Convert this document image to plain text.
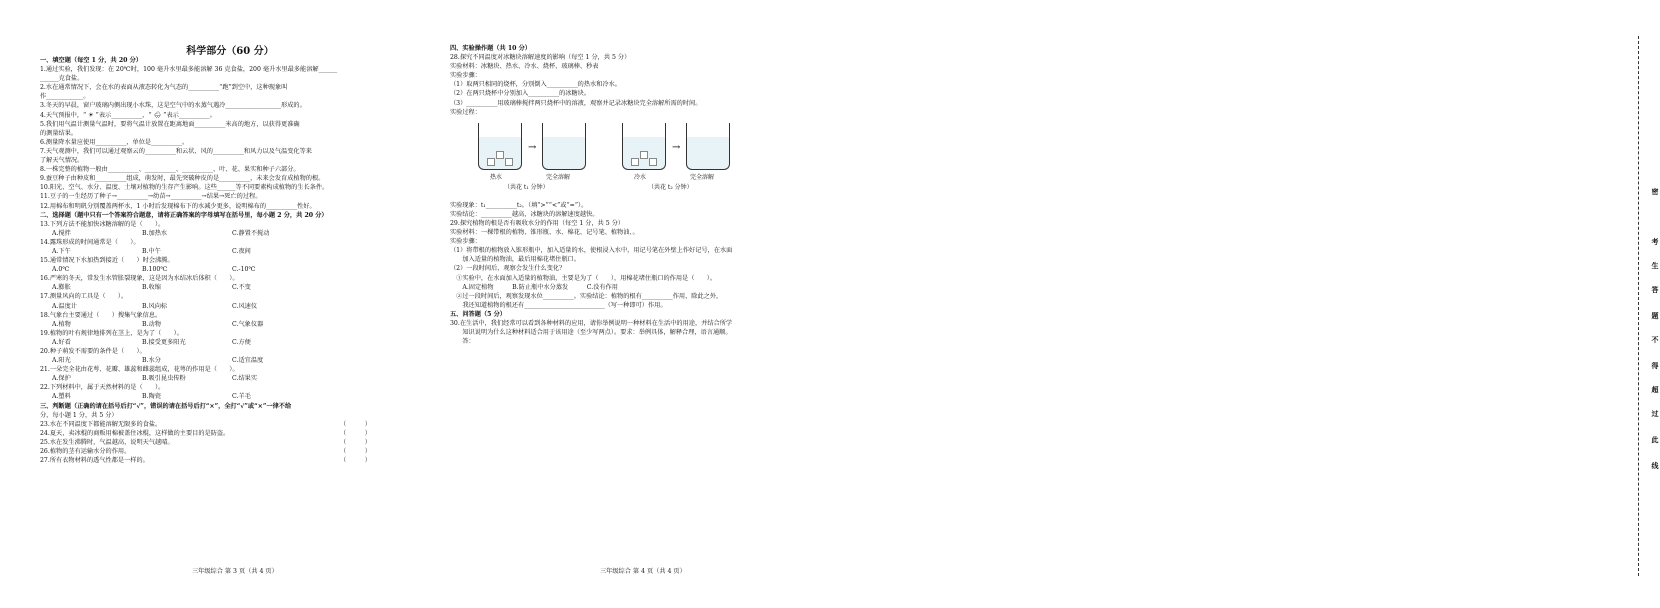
科学部分（60 分）
一、填空题（每空 1 分，共 20 分）
1.通过实验，我们发现：在 20℃时，100 毫升水里最多能溶解 36 克食盐，200 毫升水里最多能溶解______
______克食盐。
2.水在通常情况下，会在水的表面从液态转化为气态的__________“跑”到空中，这种现象叫
作____________。
3.冬天的早晨，窗户玻璃内侧出现小水珠，这是空气中的水蒸气遇冷__________________形成的。
4.天气预报中，“ ☀ ”表示__________，“ 🌧 ”表示__________。
5.我们用气温计测量气温时，要将气温计放置在距离地面__________米高的地方，以获得更准确
的测量结果。
6.测量降水量应使用__________，单位是__________。
7.天气观测中，我们可以通过观察云的__________和云状、风的__________和风力以及气温变化等来
了解天气情况。
8.一株完整的植物一般由__________、__________、__________、叶、花、果实和种子六部分。
9.蚕豆种子由种皮和__________组成，萌发时，最先突破种皮的是__________，未来会发育成植物的根。
10.阳光、空气、水分、温度、土壤对植物的生存产生影响。这些______等不同要素构成植物的生长条件。
11.豆子的一生经历了种子→__________→幼苗→__________→结果→死亡的过程。
12.用棉布和明矾分别覆盖两杯水，1 小时后发现棉布下的水减少更多，说明棉布的__________性好。
二、选择题（题中只有一个答案符合题意，请将正确答案的字母填写在括号里，每小题 2 分，共 20 分）
13.下列方法不能加快冰糖溶解的是（　　）。
A.搅拌	B.加热水	C.静置不搅动
14.露珠形成的时间通常是（　　）。
A.下午	B.中午	C.夜间
15.通常情况下水加热到接近（　　）时会沸腾。
A.0℃	B.100℃	C.-10℃
16.严寒的冬天，常发生水管胀裂现象，这是因为水结冰后体积（　　）。
A.膨胀	B.收缩	C.不变
17.测量风向的工具是（　　）。
A.温度计	B.风向标	C.风速仪
18.气象台主要通过（　　）搜集气象信息。
A.植物	B.动物	C.气象仪器
19.植物的叶有规律地排列在茎上，是为了（　　）。
A.好看	B.接受更多阳光	C.方便
20.种子萌发不需要的条件是（　　）。
A.阳光	B.水分	C.适宜温度
21.一朵完全花由花萼、花瓣、雄蕊和雌蕊组成，花萼的作用是（　　）。
A.保护	B.吸引昆虫传粉	C.结果实
22.下列材料中，属于天然材料的是（　　）。
A.塑料	B.陶瓷	C.羊毛
三、判断题（正确的请在括号后打“√”，错误的请在括号后打“×”，全打“√”或“×”一律不给
分，每小题 1 分，共 5 分）
23.水在不同温度下都能溶解无限多的食盐。	（　　　）
24.夏天，卖冰棍的商贩用棉被盖住冰棍，这样做的主要目的是防盗。	（　　　）
25.水在发生沸腾时，气温越高，说明天气越晴。	（　　　）
26.植物的茎有运输水分的作用。	（　　　）
27.所有衣物材料的透气性都是一样的。	（　　　）
四、实验操作题（共 10 分）
28.探究不同温度对冰糖块溶解速度的影响（每空 1 分，共 5 分）
实验材料：冰糖块、热水、冷水、烧杯、玻璃棒、秒表
实验步骤：
（1）取两只相同的烧杯，分别倒入__________的热水和冷水。
（2）在两只烧杯中分别加入__________的冰糖块。
（3）__________用玻璃棒搅拌两只烧杯中的溶液，观察并记录冰糖块完全溶解所需的时间。
实验过程：
→	→
热水	完全溶解
（共花 t₁ 分钟）
冷水	完全溶解
（共花 t₂ 分钟）
实验现象：t₁__________t₂。（填“>”“<”或“=”）。
实验结论：__________越高，冰糖块的溶解速度越快。
29.探究植物的根是否有吸收水分的作用（每空 1 分，共 5 分）
实验材料：一棵带根的植物、锥形瓶、水、棉花、记号笔、植物油、。
实验步骤：
（1）将带根的植物放入锥形瓶中，加入适量的水，使根浸入水中，用记号笔在外壁上作好记号，在水面
　　加入适量的植物油，最后用棉花堵住瓶口。
（2）一段时间后，观察会发生什么变化？
　①实验中，在水面加入适量的植物油，主要是为了（　　），用棉花堵住瓶口的作用是（　　）。
　　A.固定植物　　　B.防止瓶中水分蒸发　　　C.没有作用
　②过一段时间后，观察发现水位__________。实验结论：植物的根有__________作用，除此之外，
　　我还知道植物的根还有__________________________（写一种即可）作用。
五、问答题（5 分）
30.在生活中，我们经常可以看到各种材料的应用，请你举例说明一种材料在生活中的用途，并结合所学
　　知识说明为什么这种材料适合用于该用途（至少写两点）。要求：举例具体，解释合理，语言通顺。
　　答：
三年级综合 第 3 页（共 4 页）	三年级综合 第 4 页（共 4 页）
密
考
生
答
题
不
得
超
过
此
线
